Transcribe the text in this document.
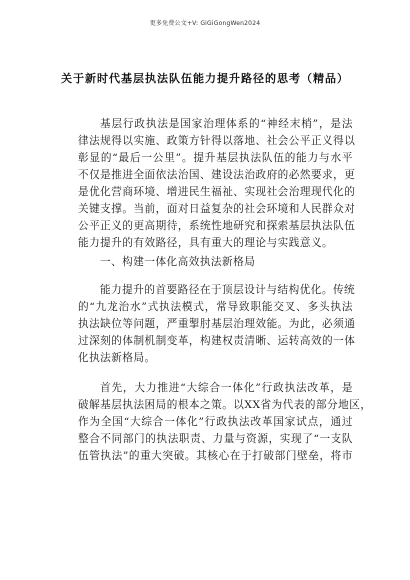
更多免费公文+V: GiGiGongWen2024
关于新时代基层执法队伍能力提升路径的思考（精品）
基层行政执法是国家治理体系的“神经末梢”，是法
律法规得以实施、政策方针得以落地、社会公平正义得以
彰显的“最后一公里”。提升基层执法队伍的能力与水平
不仅是推进全面依法治国、建设法治政府的必然要求，更
是优化营商环境、增进民生福祉、实现社会治理现代化的
关键支撑。当前，面对日益复杂的社会环境和人民群众对
公平正义的更高期待，系统性地研究和探索基层执法队伍
能力提升的有效路径，具有重大的理论与实践意义。
一、构建一体化高效执法新格局
能力提升的首要路径在于顶层设计与结构优化。传统
的“九龙治水”式执法模式，常导致职能交叉、多头执法
执法缺位等问题，严重掣肘基层治理效能。为此，必须通
过深刻的体制机制变革，构建权责清晰、运转高效的一体
化执法新格局。
首先，大力推进“大综合一体化”行政执法改革，是
破解基层执法困局的根本之策。以XX省为代表的部分地区，
作为全国“大综合一体化”行政执法改革国家试点，通过
整合不同部门的执法职责、力量与资源，实现了“一支队
伍管执法”的重大突破。其核心在于打破部门壁垒，将市
